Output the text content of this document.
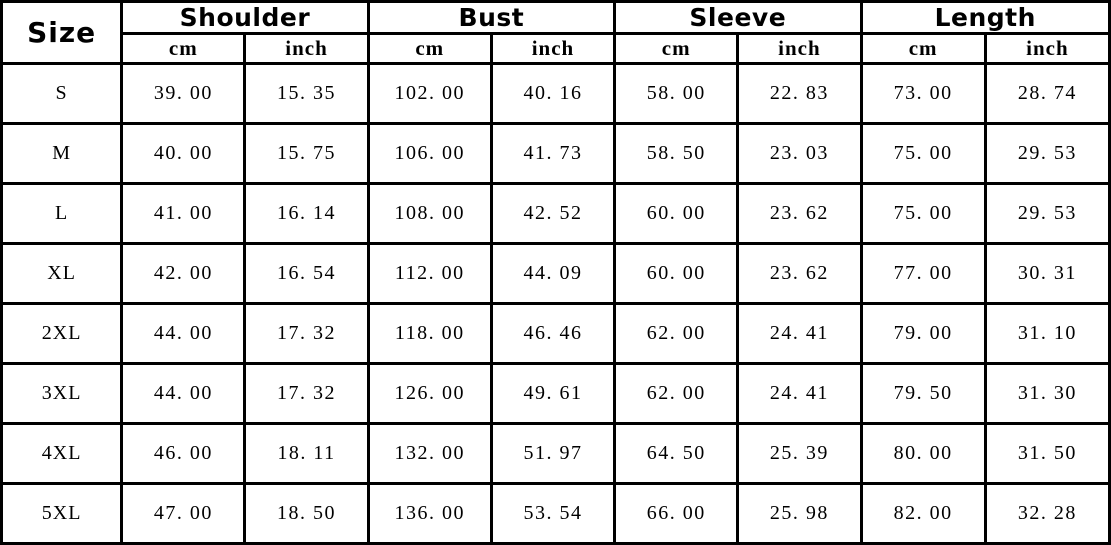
Size	Shoulder		Bust		Sleeve		Length	
	cm	inch	cm	inch	cm	inch	cm	inch
S	39. 00	15. 35	102. 00	40. 16	58. 00	22. 83	73. 00	28. 74
M	40. 00	15. 75	106. 00	41. 73	58. 50	23. 03	75. 00	29. 53
L	41. 00	16. 14	108. 00	42. 52	60. 00	23. 62	75. 00	29. 53
XL	42. 00	16. 54	112. 00	44. 09	60. 00	23. 62	77. 00	30. 31
2XL	44. 00	17. 32	118. 00	46. 46	62. 00	24. 41	79. 00	31. 10
3XL	44. 00	17. 32	126. 00	49. 61	62. 00	24. 41	79. 50	31. 30
4XL	46. 00	18. 11	132. 00	51. 97	64. 50	25. 39	80. 00	31. 50
5XL	47. 00	18. 50	136. 00	53. 54	66. 00	25. 98	82. 00	32. 28
